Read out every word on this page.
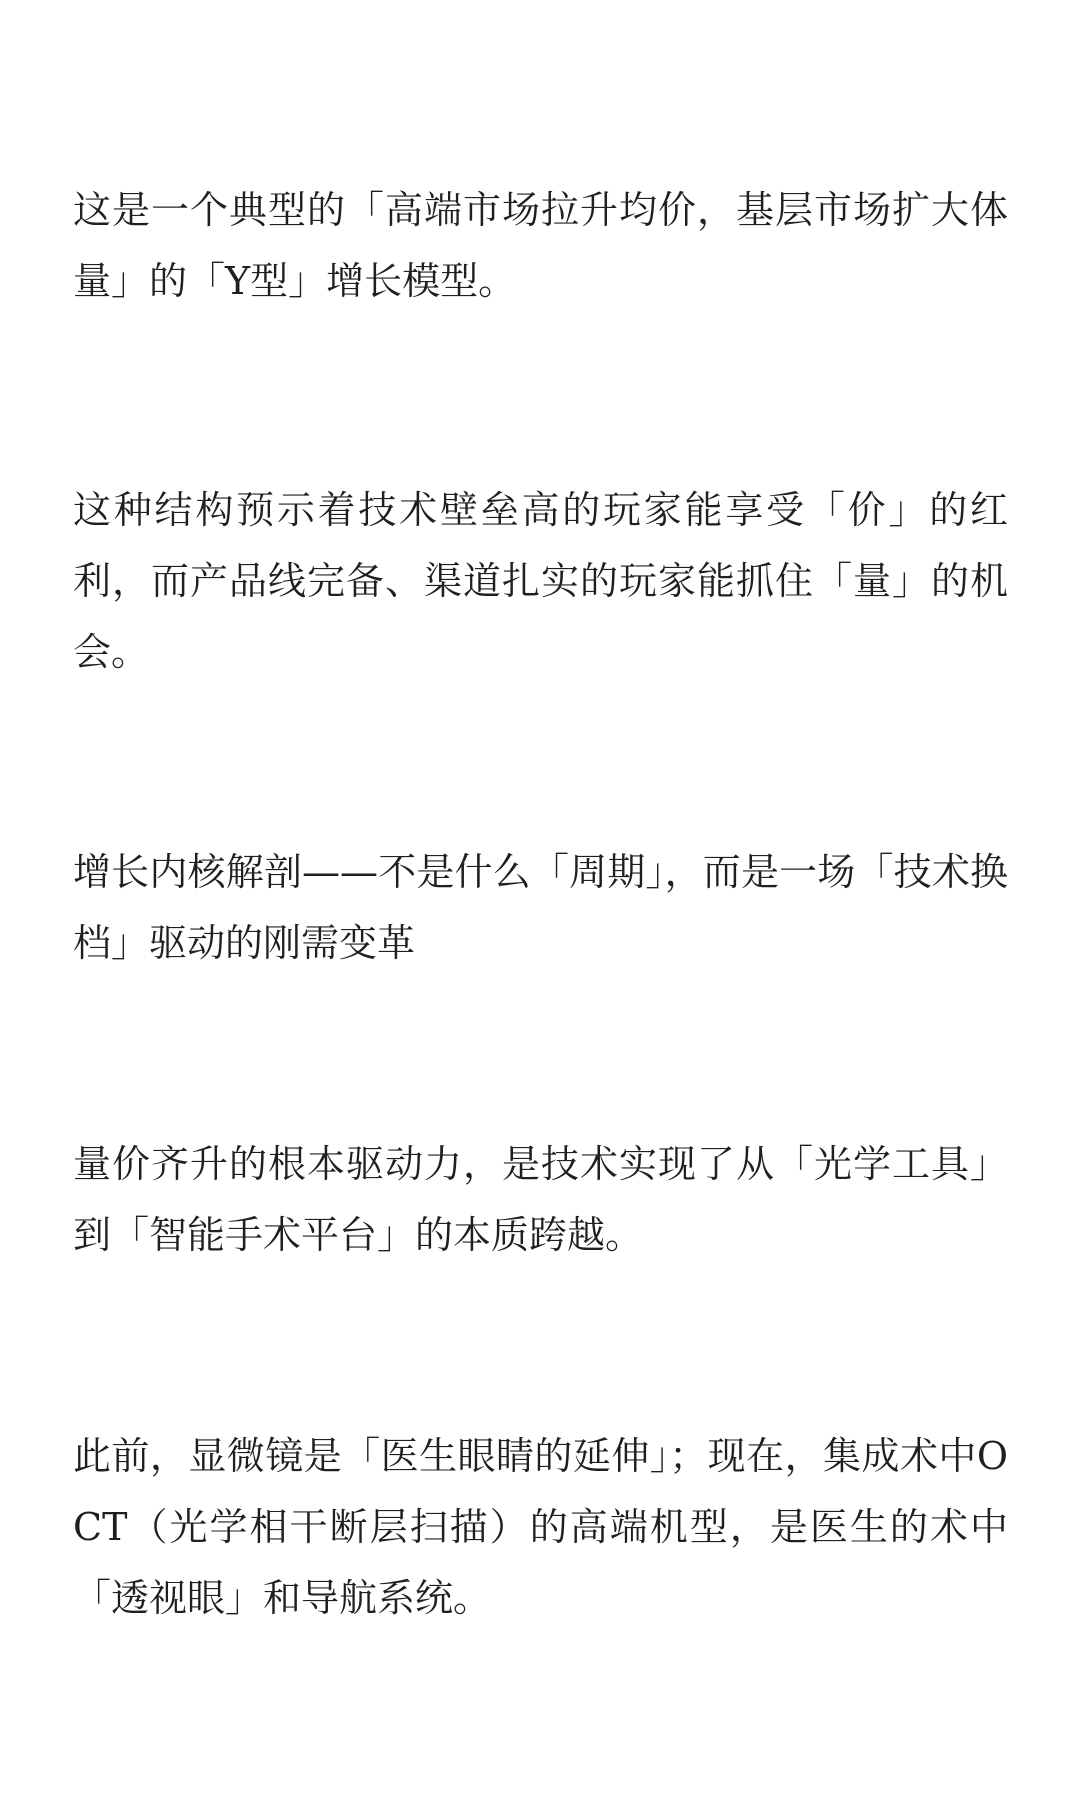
这是一个典型的「高端市场拉升均价，基层市场扩大体量」的「Y型」增长模型。

这种结构预示着技术壁垒高的玩家能享受「价」的红利，而产品线完备、渠道扎实的玩家能抓住「量」的机会。

增长内核解剖——不是什么「周期」，而是一场「技术换档」驱动的刚需变革

量价齐升的根本驱动力，是技术实现了从「光学工具」到「智能手术平台」的本质跨越。

此前，显微镜是「医生眼睛的延伸」；现在，集成术中OCT（光学相干断层扫描）的高端机型，是医生的术中「透视眼」和导航系统。
